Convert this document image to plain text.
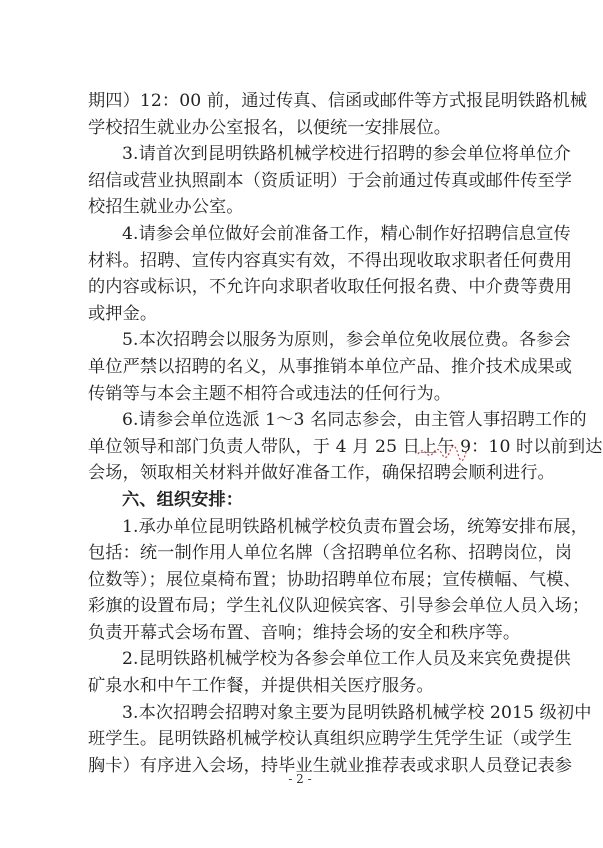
期四）12：00 前，通过传真、信函或邮件等方式报昆明铁路机械
学校招生就业办公室报名，以便统一安排展位。
3.请首次到昆明铁路机械学校进行招聘的参会单位将单位介
绍信或营业执照副本（资质证明）于会前通过传真或邮件传至学
校招生就业办公室。
4.请参会单位做好会前准备工作，精心制作好招聘信息宣传
材料。招聘、宣传内容真实有效，不得出现收取求职者任何费用
的内容或标识，不允许向求职者收取任何报名费、中介费等费用
或押金。
5.本次招聘会以服务为原则，参会单位免收展位费。各参会
单位严禁以招聘的名义，从事推销本单位产品、推介技术成果或
传销等与本会主题不相符合或违法的任何行为。
6.请参会单位选派 1～3 名同志参会，由主管人事招聘工作的
单位领导和部门负责人带队，于 4 月 25 日上午 9：10 时以前到达
会场，领取相关材料并做好准备工作，确保招聘会顺利进行。
六、组织安排：
1.承办单位昆明铁路机械学校负责布置会场，统筹安排布展，
包括：统一制作用人单位名牌（含招聘单位名称、招聘岗位，岗
位数等）；展位桌椅布置；协助招聘单位布展；宣传横幅、气模、
彩旗的设置布局；学生礼仪队迎候宾客、引导参会单位人员入场；
负责开幕式会场布置、音响；维持会场的安全和秩序等。
2.昆明铁路机械学校为各参会单位工作人员及来宾免费提供
矿泉水和中午工作餐，并提供相关医疗服务。
3.本次招聘会招聘对象主要为昆明铁路机械学校 2015 级初中
班学生。昆明铁路机械学校认真组织应聘学生凭学生证（或学生
胸卡）有序进入会场，持毕业生就业推荐表或求职人员登记表参
- 2 -
